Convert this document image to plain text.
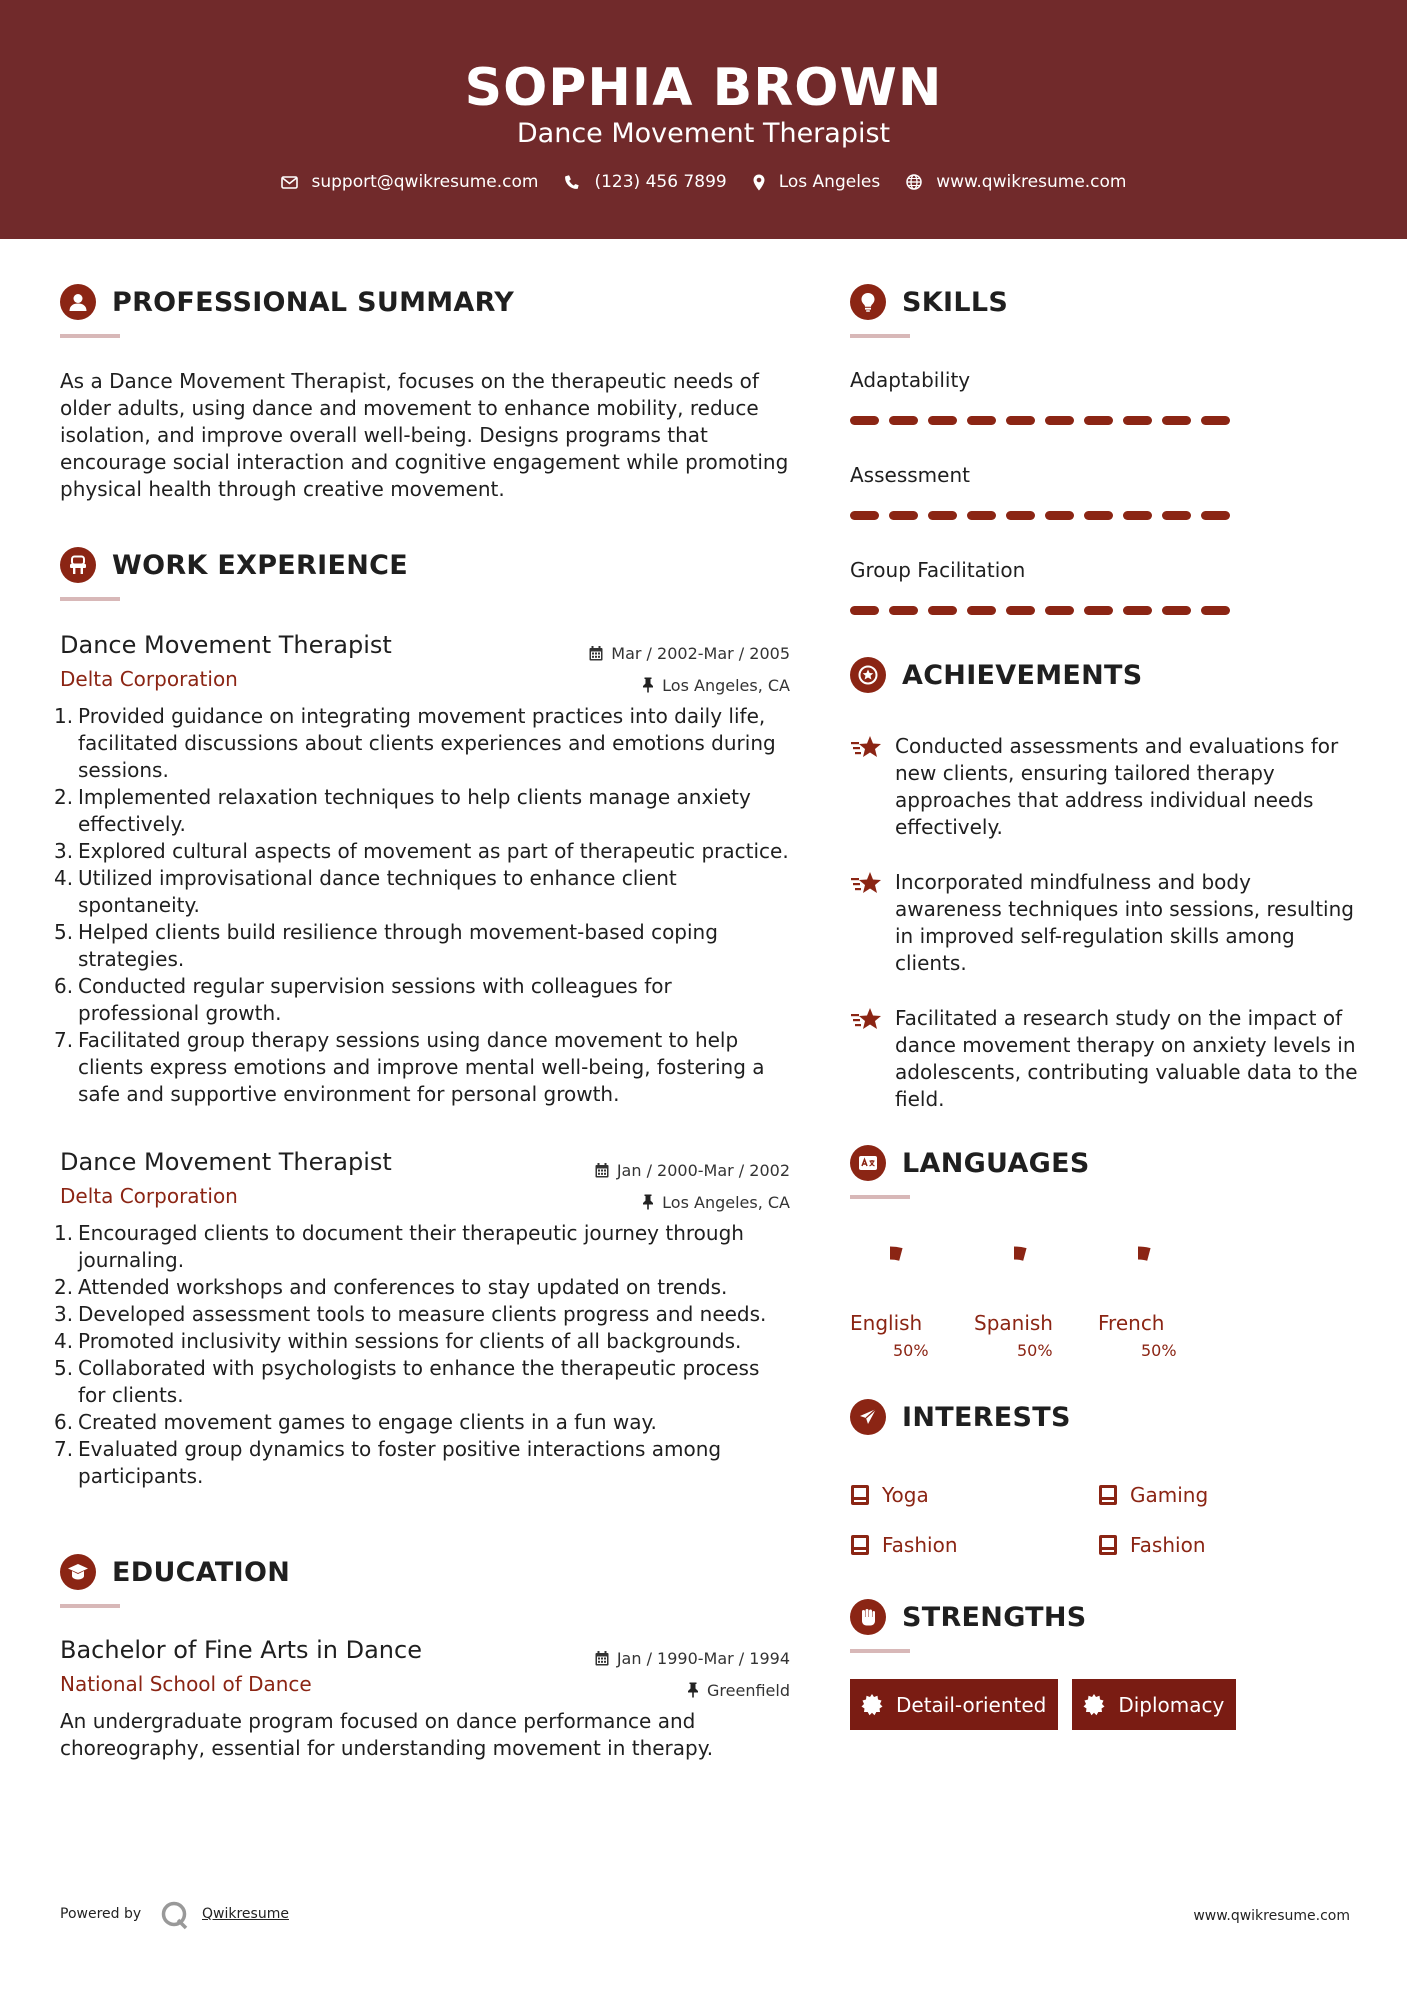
SOPHIA BROWN
Dance Movement Therapist
support@qwikresume.com	(123) 456 7899	Los Angeles	www.qwikresume.com
PROFESSIONAL SUMMARY

As a Dance Movement Therapist, focuses on the therapeutic needs of older adults, using dance and movement to enhance mobility, reduce isolation, and improve overall well-being. Designs programs that encourage social interaction and cognitive engagement while promoting physical health through creative movement.

WORK EXPERIENCE
Dance Movement Therapist
Delta Corporation
Mar / 2002-Mar / 2005
Los Angeles, CA
1. Provided guidance on integrating movement practices into daily life, facilitated discussions about clients experiences and emotions during sessions.
2. Implemented relaxation techniques to help clients manage anxiety effectively.
3. Explored cultural aspects of movement as part of therapeutic practice.
4. Utilized improvisational dance techniques to enhance client spontaneity.
5. Helped clients build resilience through movement-based coping strategies.
6. Conducted regular supervision sessions with colleagues for professional growth.
7. Facilitated group therapy sessions using dance movement to help clients express emotions and improve mental well-being, fostering a safe and supportive environment for personal growth.
Dance Movement Therapist
Delta Corporation
Jan / 2000-Mar / 2002
Los Angeles, CA
1. Encouraged clients to document their therapeutic journey through journaling.
2. Attended workshops and conferences to stay updated on trends.
3. Developed assessment tools to measure clients progress and needs.
4. Promoted inclusivity within sessions for clients of all backgrounds.
5. Collaborated with psychologists to enhance the therapeutic process for clients.
6. Created movement games to engage clients in a fun way.
7. Evaluated group dynamics to foster positive interactions among participants.
EDUCATION
Bachelor of Fine Arts in Dance
National School of Dance
Jan / 1990-Mar / 1994
Greenfield

An undergraduate program focused on dance performance and choreography, essential for understanding movement in therapy.

SKILLS
Adaptability
Assessment
Group Facilitation
ACHIEVEMENTS
Conducted assessments and evaluations for new clients, ensuring tailored therapy approaches that address individual needs effectively.
Incorporated mindfulness and body awareness techniques into sessions, resulting in improved self-regulation skills among clients.
Facilitated a research study on the impact of dance movement therapy on anxiety levels in adolescents, contributing valuable data to the field.
LANGUAGES
English
50%
Spanish
50%
French
50%
INTERESTS
Yoga	Gaming
Fashion	Fashion
STRENGTHS
Detail-oriented	Diplomacy
Powered by	Qwikresume	www.qwikresume.com
